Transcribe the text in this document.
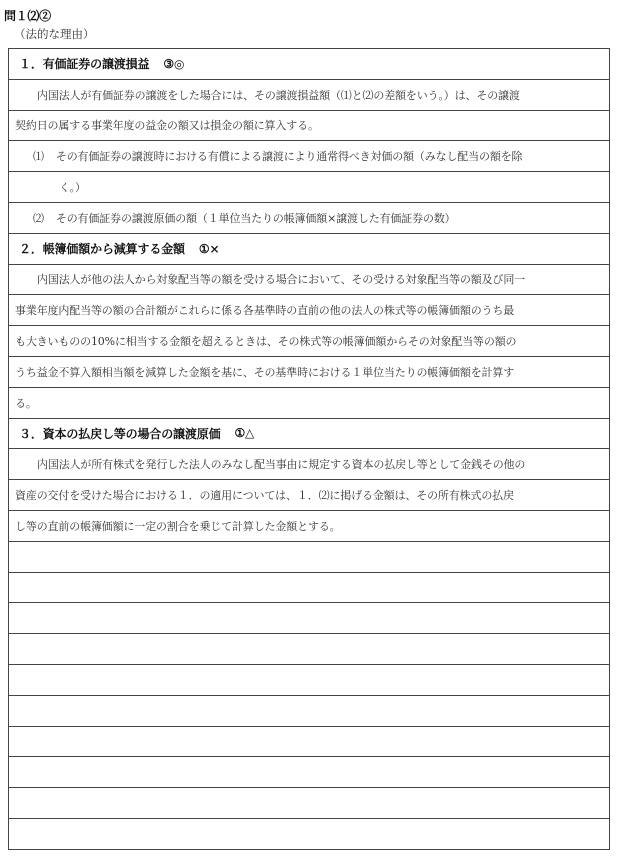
問１⑵②
（法的な理由）
１．有価証券の譲渡損益 ③◎
内国法人が有価証券の譲渡をした場合には、その譲渡損益額（⑴と⑵の差額をいう。）は、その譲渡
契約日の属する事業年度の益金の額又は損金の額に算入する。
⑴ その有価証券の譲渡時における有償による譲渡により通常得べき対価の額（みなし配当の額を除
く。）
⑵ その有価証券の譲渡原価の額（１単位当たりの帳簿価額×譲渡した有価証券の数）
２．帳簿価額から減算する金額 ①×
内国法人が他の法人から対象配当等の額を受ける場合において、その受ける対象配当等の額及び同一
事業年度内配当等の額の合計額がこれらに係る各基準時の直前の他の法人の株式等の帳簿価額のうち最
も大きいものの10%に相当する金額を超えるときは、その株式等の帳簿価額からその対象配当等の額の
うち益金不算入額相当額を減算した金額を基に、その基準時における１単位当たりの帳簿価額を計算す
る。
３．資本の払戻し等の場合の譲渡原価 ①△
内国法人が所有株式を発行した法人のみなし配当事由に規定する資本の払戻し等として金銭その他の
資産の交付を受けた場合における１．の適用については、１．⑵に掲げる金額は、その所有株式の払戻
し等の直前の帳簿価額に一定の割合を乗じて計算した金額とする。
